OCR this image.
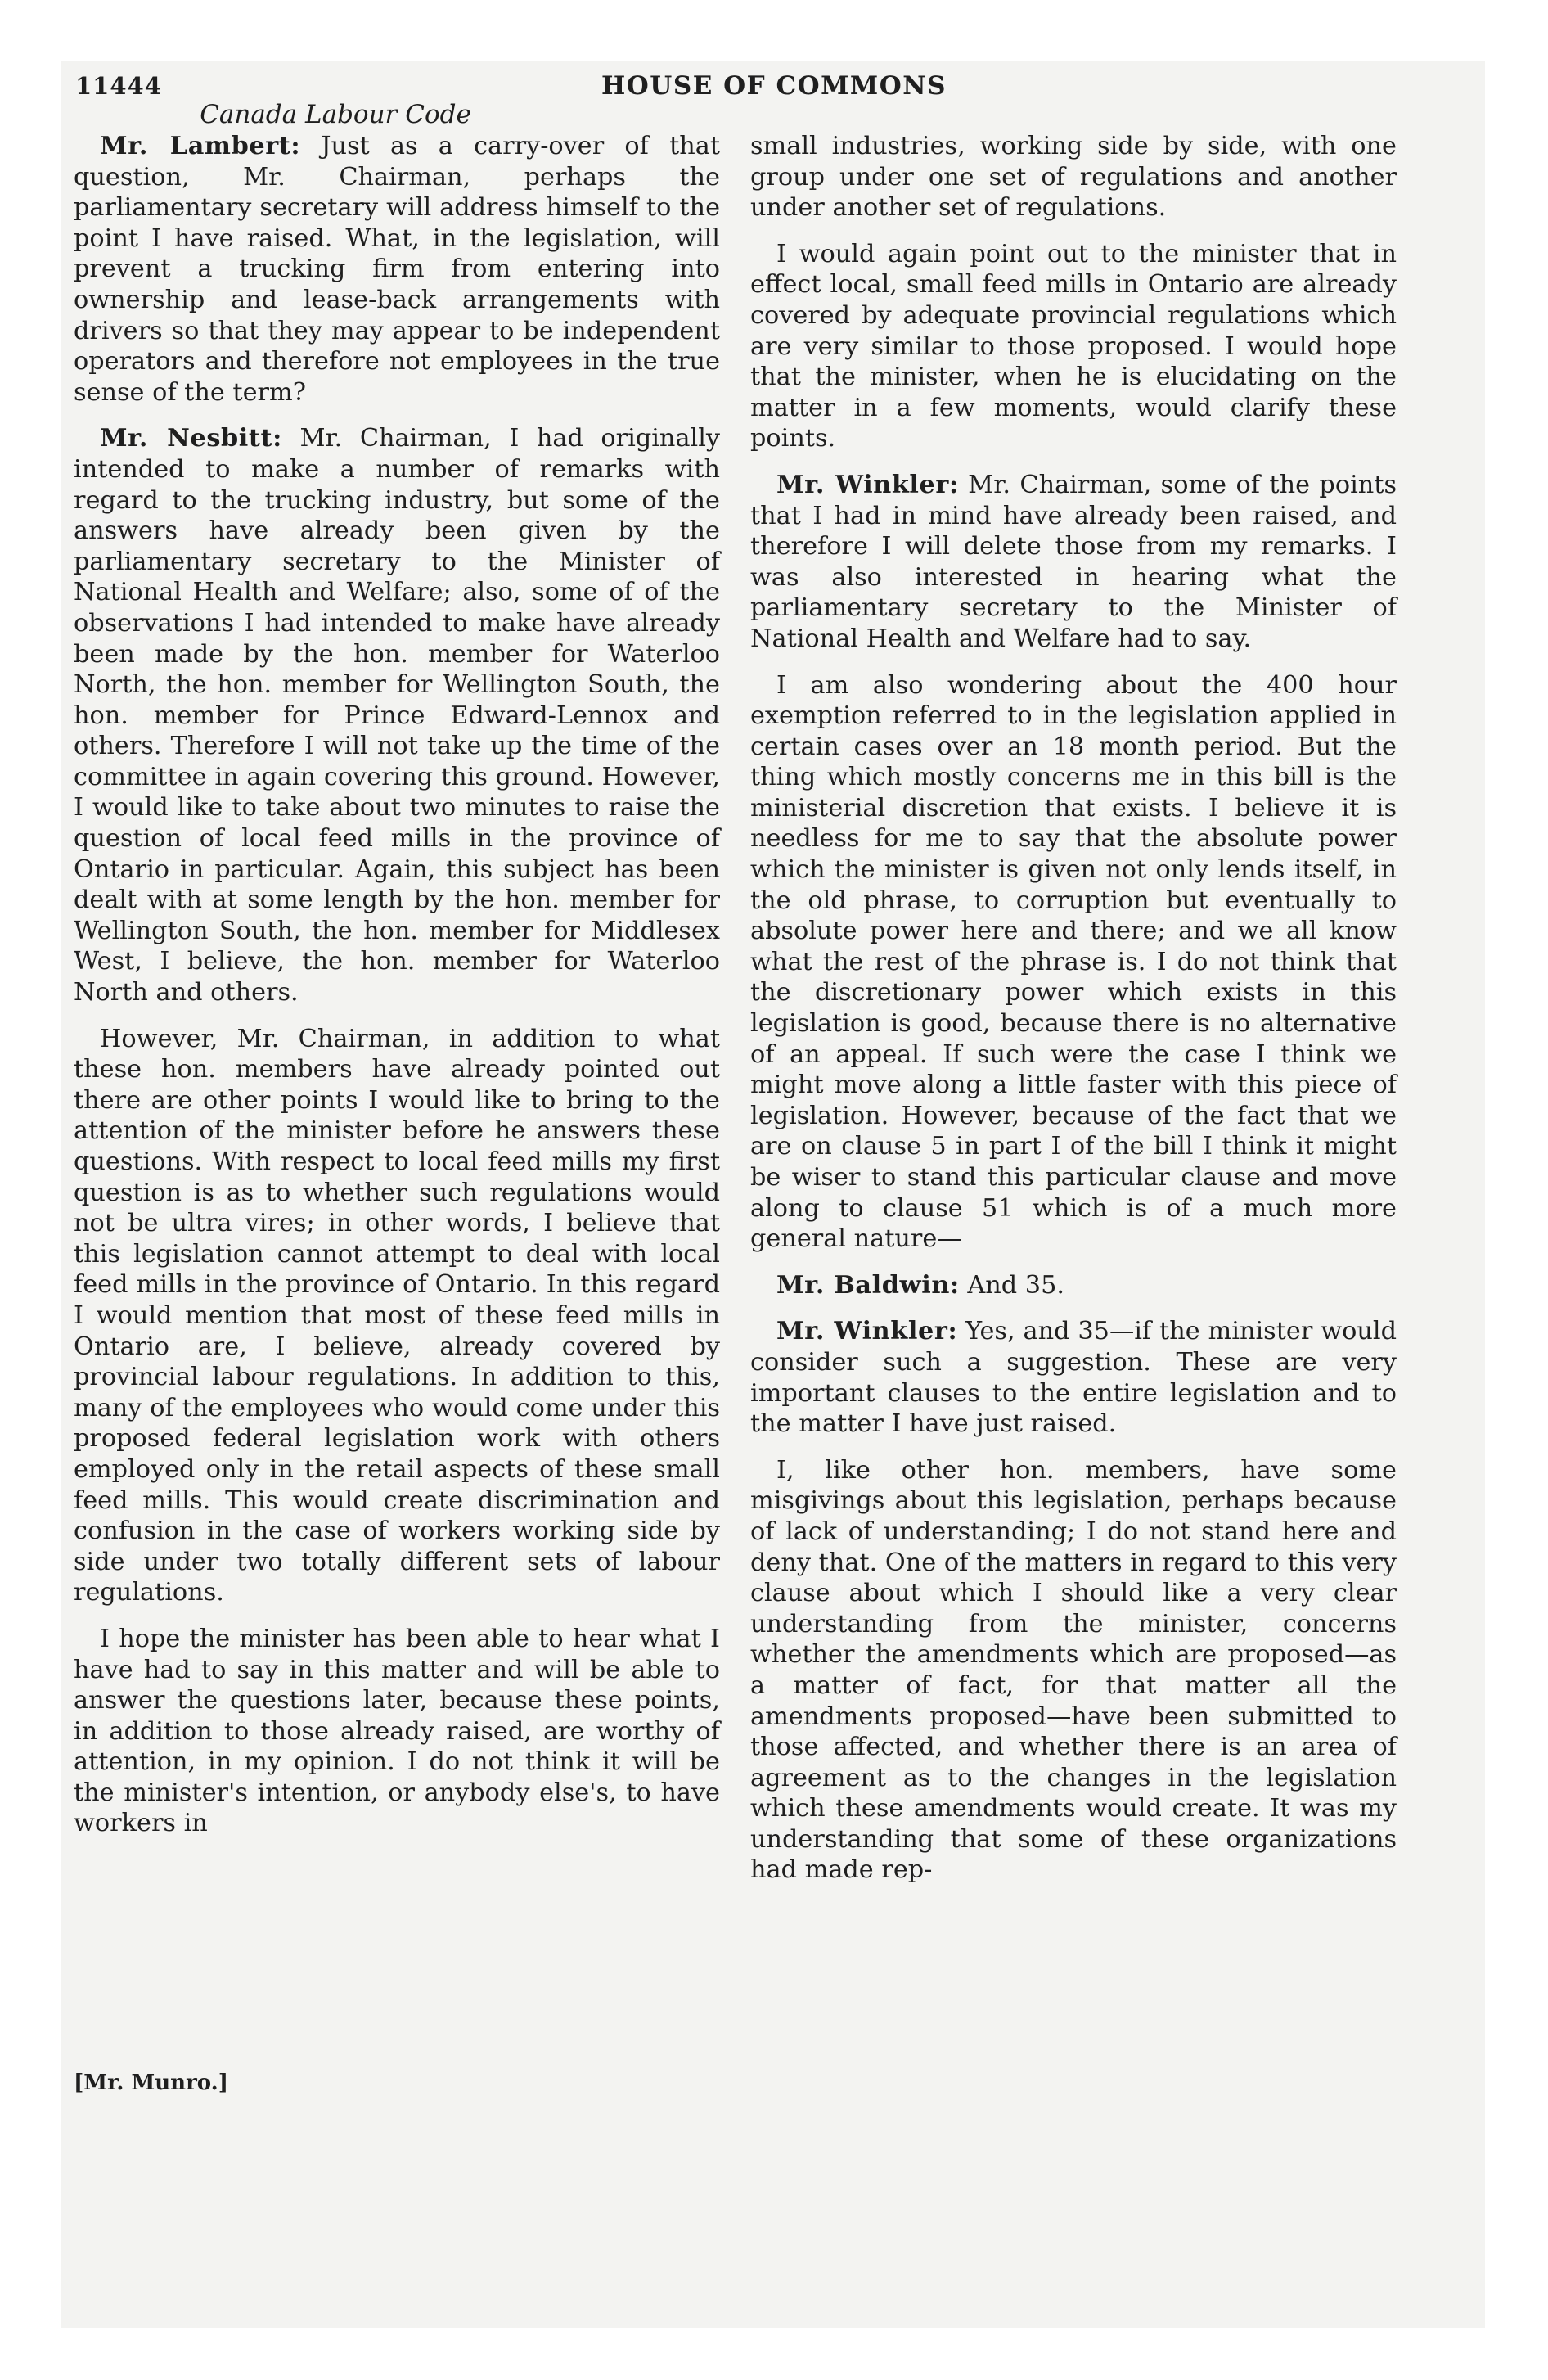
11444	HOUSE OF COMMONS
Canada Labour Code

Mr. Lambert: Just as a carry-over of that question, Mr. Chairman, perhaps the parliamentary secretary will address himself to the point I have raised. What, in the legislation, will prevent a trucking firm from entering into ownership and lease-back arrangements with drivers so that they may appear to be independent operators and therefore not employees in the true sense of the term?

Mr. Nesbitt: Mr. Chairman, I had originally intended to make a number of remarks with regard to the trucking industry, but some of the answers have already been given by the parliamentary secretary to the Minister of National Health and Welfare; also, some of of the observations I had intended to make have already been made by the hon. member for Waterloo North, the hon. member for Wellington South, the hon. member for Prince Edward-Lennox and others. Therefore I will not take up the time of the committee in again covering this ground. However, I would like to take about two minutes to raise the question of local feed mills in the province of Ontario in particular. Again, this subject has been dealt with at some length by the hon. member for Wellington South, the hon. member for Middlesex West, I believe, the hon. member for Waterloo North and others.

However, Mr. Chairman, in addition to what these hon. members have already pointed out there are other points I would like to bring to the attention of the minister before he answers these questions. With respect to local feed mills my first question is as to whether such regulations would not be ultra vires; in other words, I believe that this legislation cannot attempt to deal with local feed mills in the province of Ontario. In this regard I would mention that most of these feed mills in Ontario are, I believe, already covered by provincial labour regulations. In addition to this, many of the employees who would come under this proposed federal legislation work with others employed only in the retail aspects of these small feed mills. This would create discrimination and confusion in the case of workers working side by side under two totally different sets of labour regulations.

I hope the minister has been able to hear what I have had to say in this matter and will be able to answer the questions later, because these points, in addition to those already raised, are worthy of attention, in my opinion. I do not think it will be the minister's intention, or anybody else's, to have workers in

small industries, working side by side, with one group under one set of regulations and another under another set of regulations.

I would again point out to the minister that in effect local, small feed mills in Ontario are already covered by adequate provincial regulations which are very similar to those proposed. I would hope that the minister, when he is elucidating on the matter in a few moments, would clarify these points.

Mr. Winkler: Mr. Chairman, some of the points that I had in mind have already been raised, and therefore I will delete those from my remarks. I was also interested in hearing what the parliamentary secretary to the Minister of National Health and Welfare had to say.

I am also wondering about the 400 hour exemption referred to in the legislation applied in certain cases over an 18 month period. But the thing which mostly concerns me in this bill is the ministerial discretion that exists. I believe it is needless for me to say that the absolute power which the minister is given not only lends itself, in the old phrase, to corruption but eventually to absolute power here and there; and we all know what the rest of the phrase is. I do not think that the discretionary power which exists in this legislation is good, because there is no alternative of an appeal. If such were the case I think we might move along a little faster with this piece of legislation. However, because of the fact that we are on clause 5 in part I of the bill I think it might be wiser to stand this particular clause and move along to clause 51 which is of a much more general nature—

Mr. Baldwin: And 35.

Mr. Winkler: Yes, and 35—if the minister would consider such a suggestion. These are very important clauses to the entire legislation and to the matter I have just raised.

I, like other hon. members, have some misgivings about this legislation, perhaps because of lack of understanding; I do not stand here and deny that. One of the matters in regard to this very clause about which I should like a very clear understanding from the minister, concerns whether the amendments which are proposed—as a matter of fact, for that matter all the amendments proposed—have been submitted to those affected, and whether there is an area of agreement as to the changes in the legislation which these amendments would create. It was my understanding that some of these organizations had made rep-

[Mr. Munro.]
